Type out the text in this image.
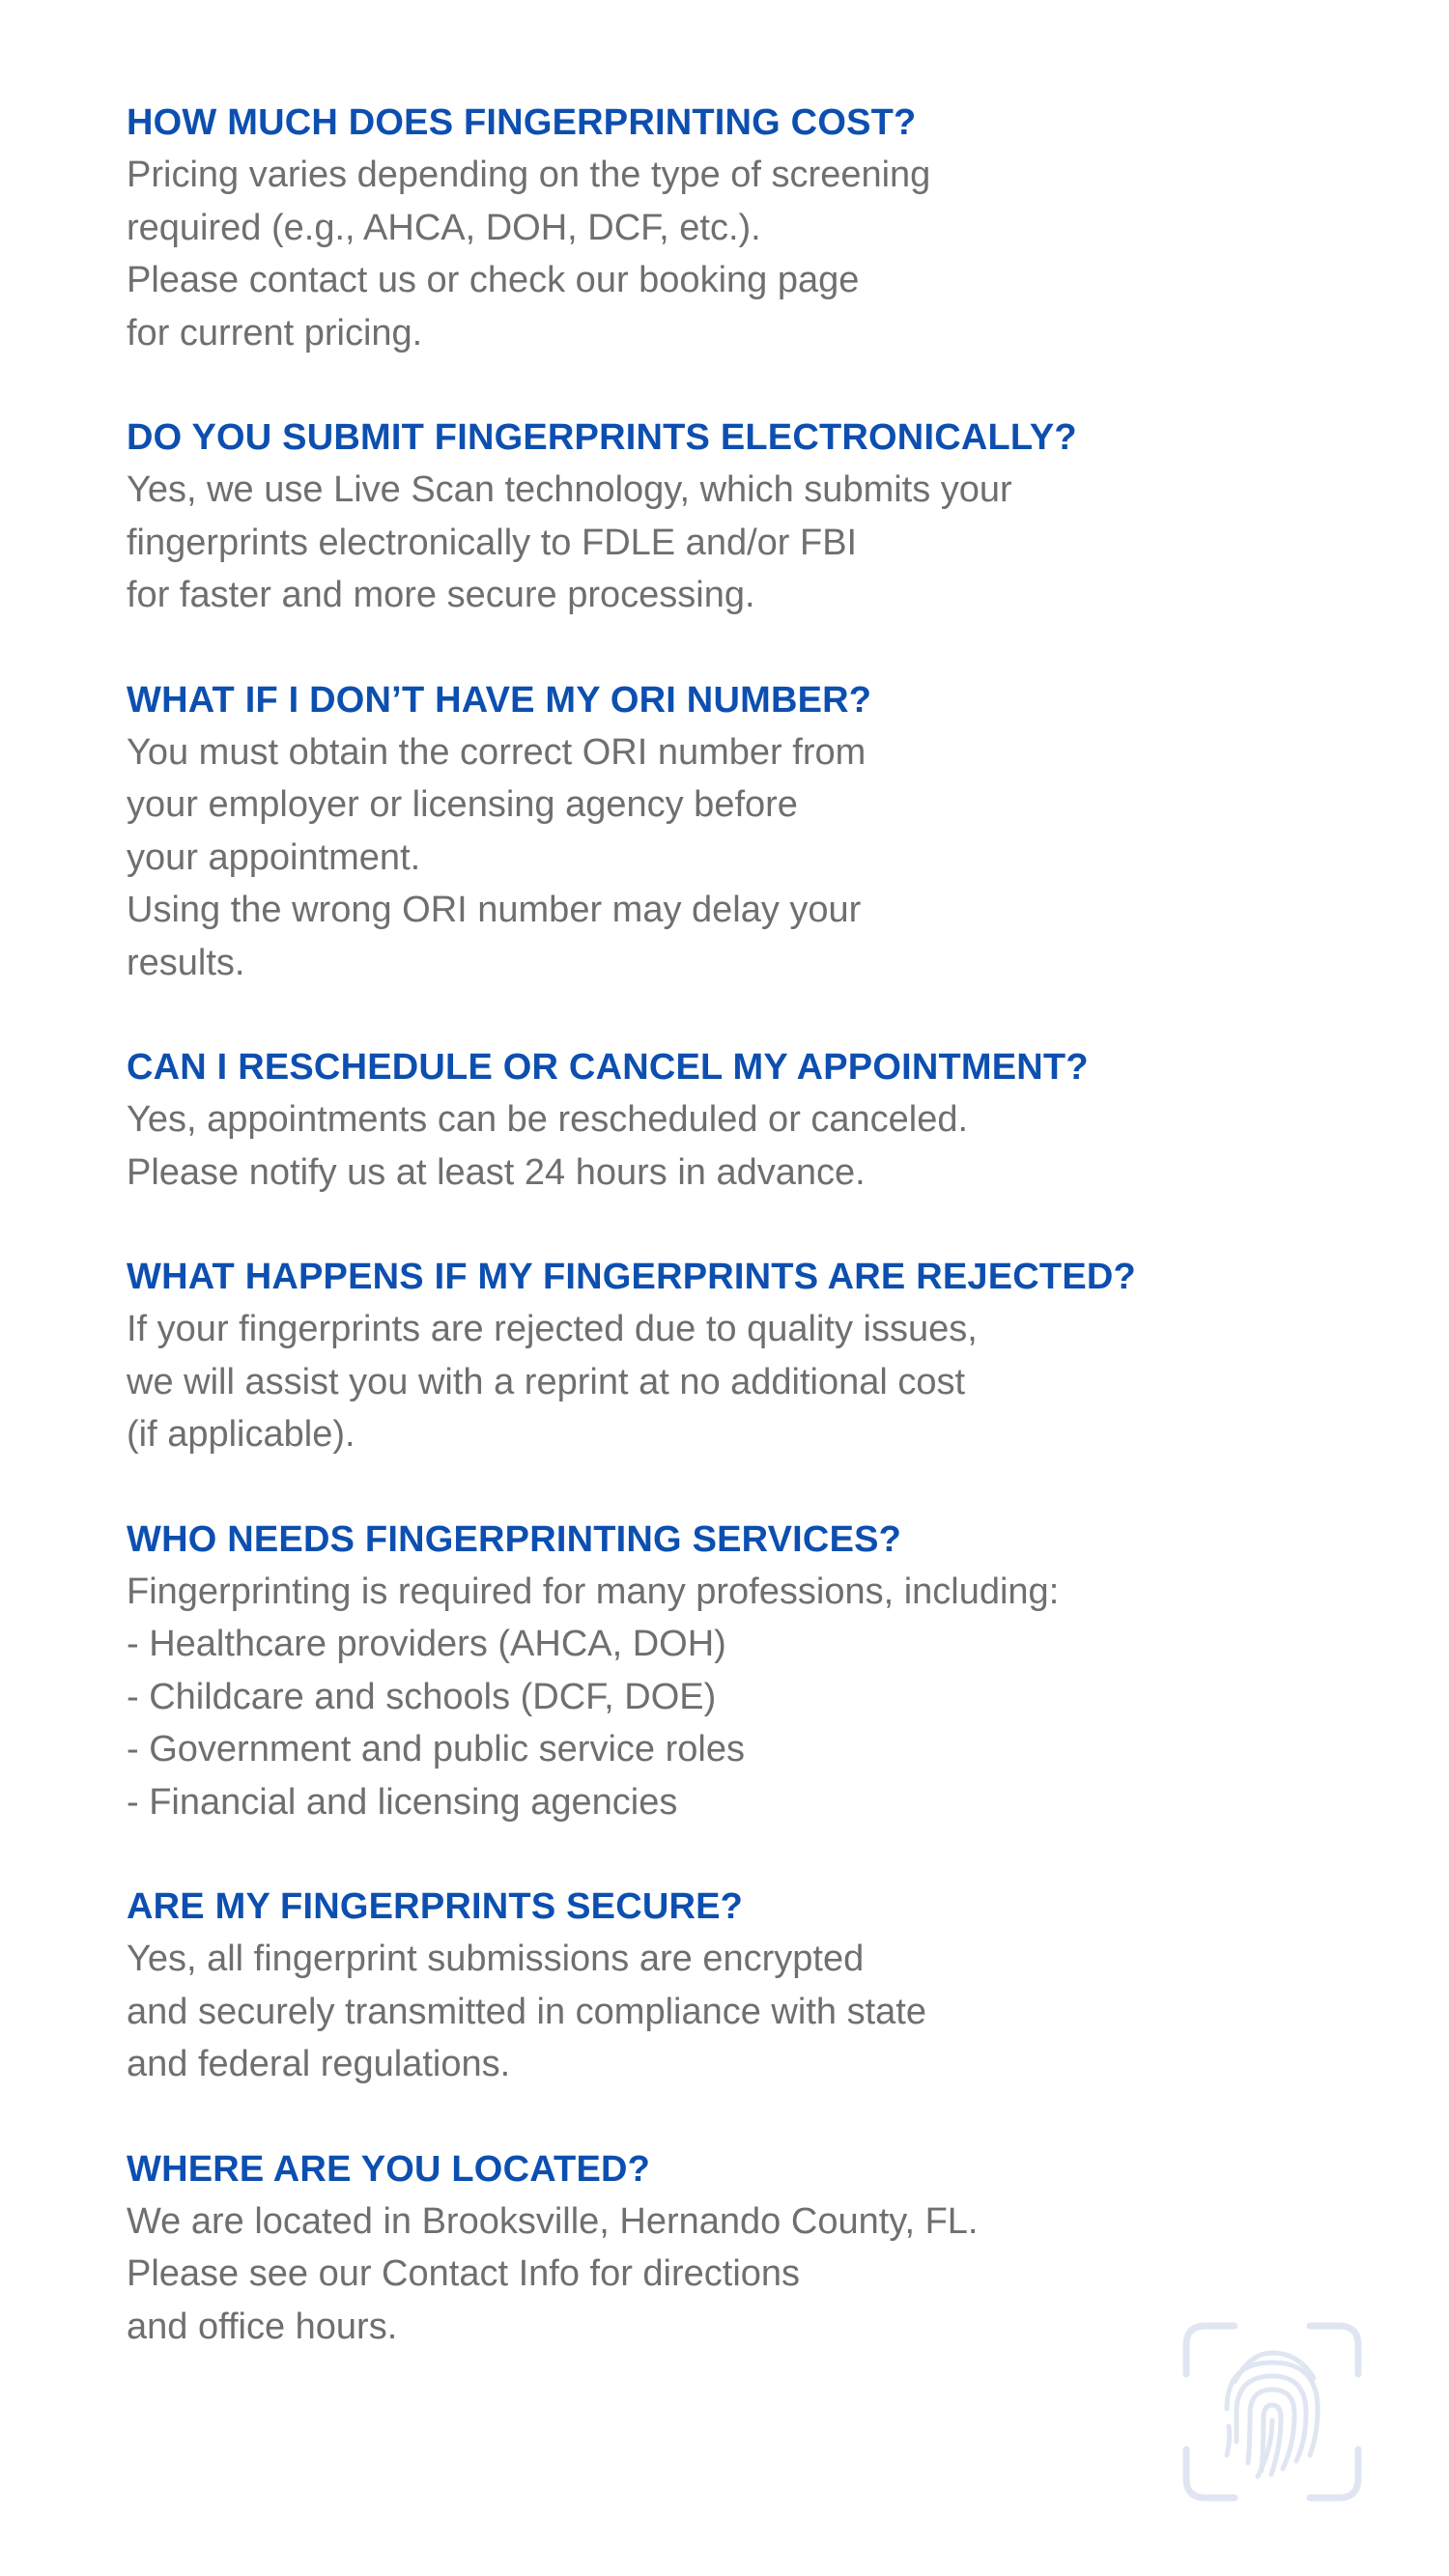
HOW MUCH DOES FINGERPRINTING COST?

Pricing varies depending on the type of screening
required (e.g., AHCA, DOH, DCF, etc.).
Please contact us or check our booking page
for current pricing.

DO YOU SUBMIT FINGERPRINTS ELECTRONICALLY?

Yes, we use Live Scan technology, which submits your
fingerprints electronically to FDLE and/or FBI
for faster and more secure processing.

WHAT IF I DON’T HAVE MY ORI NUMBER?

You must obtain the correct ORI number from
your employer or licensing agency before
your appointment.
Using the wrong ORI number may delay your
results.

CAN I RESCHEDULE OR CANCEL MY APPOINTMENT?

Yes, appointments can be rescheduled or canceled.
Please notify us at least 24 hours in advance.

WHAT HAPPENS IF MY FINGERPRINTS ARE REJECTED?

If your fingerprints are rejected due to quality issues,
we will assist you with a reprint at no additional cost
(if applicable).

WHO NEEDS FINGERPRINTING SERVICES?

Fingerprinting is required for many professions, including:
- Healthcare providers (AHCA, DOH)
- Childcare and schools (DCF, DOE)
- Government and public service roles
- Financial and licensing agencies

ARE MY FINGERPRINTS SECURE?

Yes, all fingerprint submissions are encrypted
and securely transmitted in compliance with state
and federal regulations.

WHERE ARE YOU LOCATED?

We are located in Brooksville, Hernando County, FL.
Please see our Contact Info for directions
and office hours.
